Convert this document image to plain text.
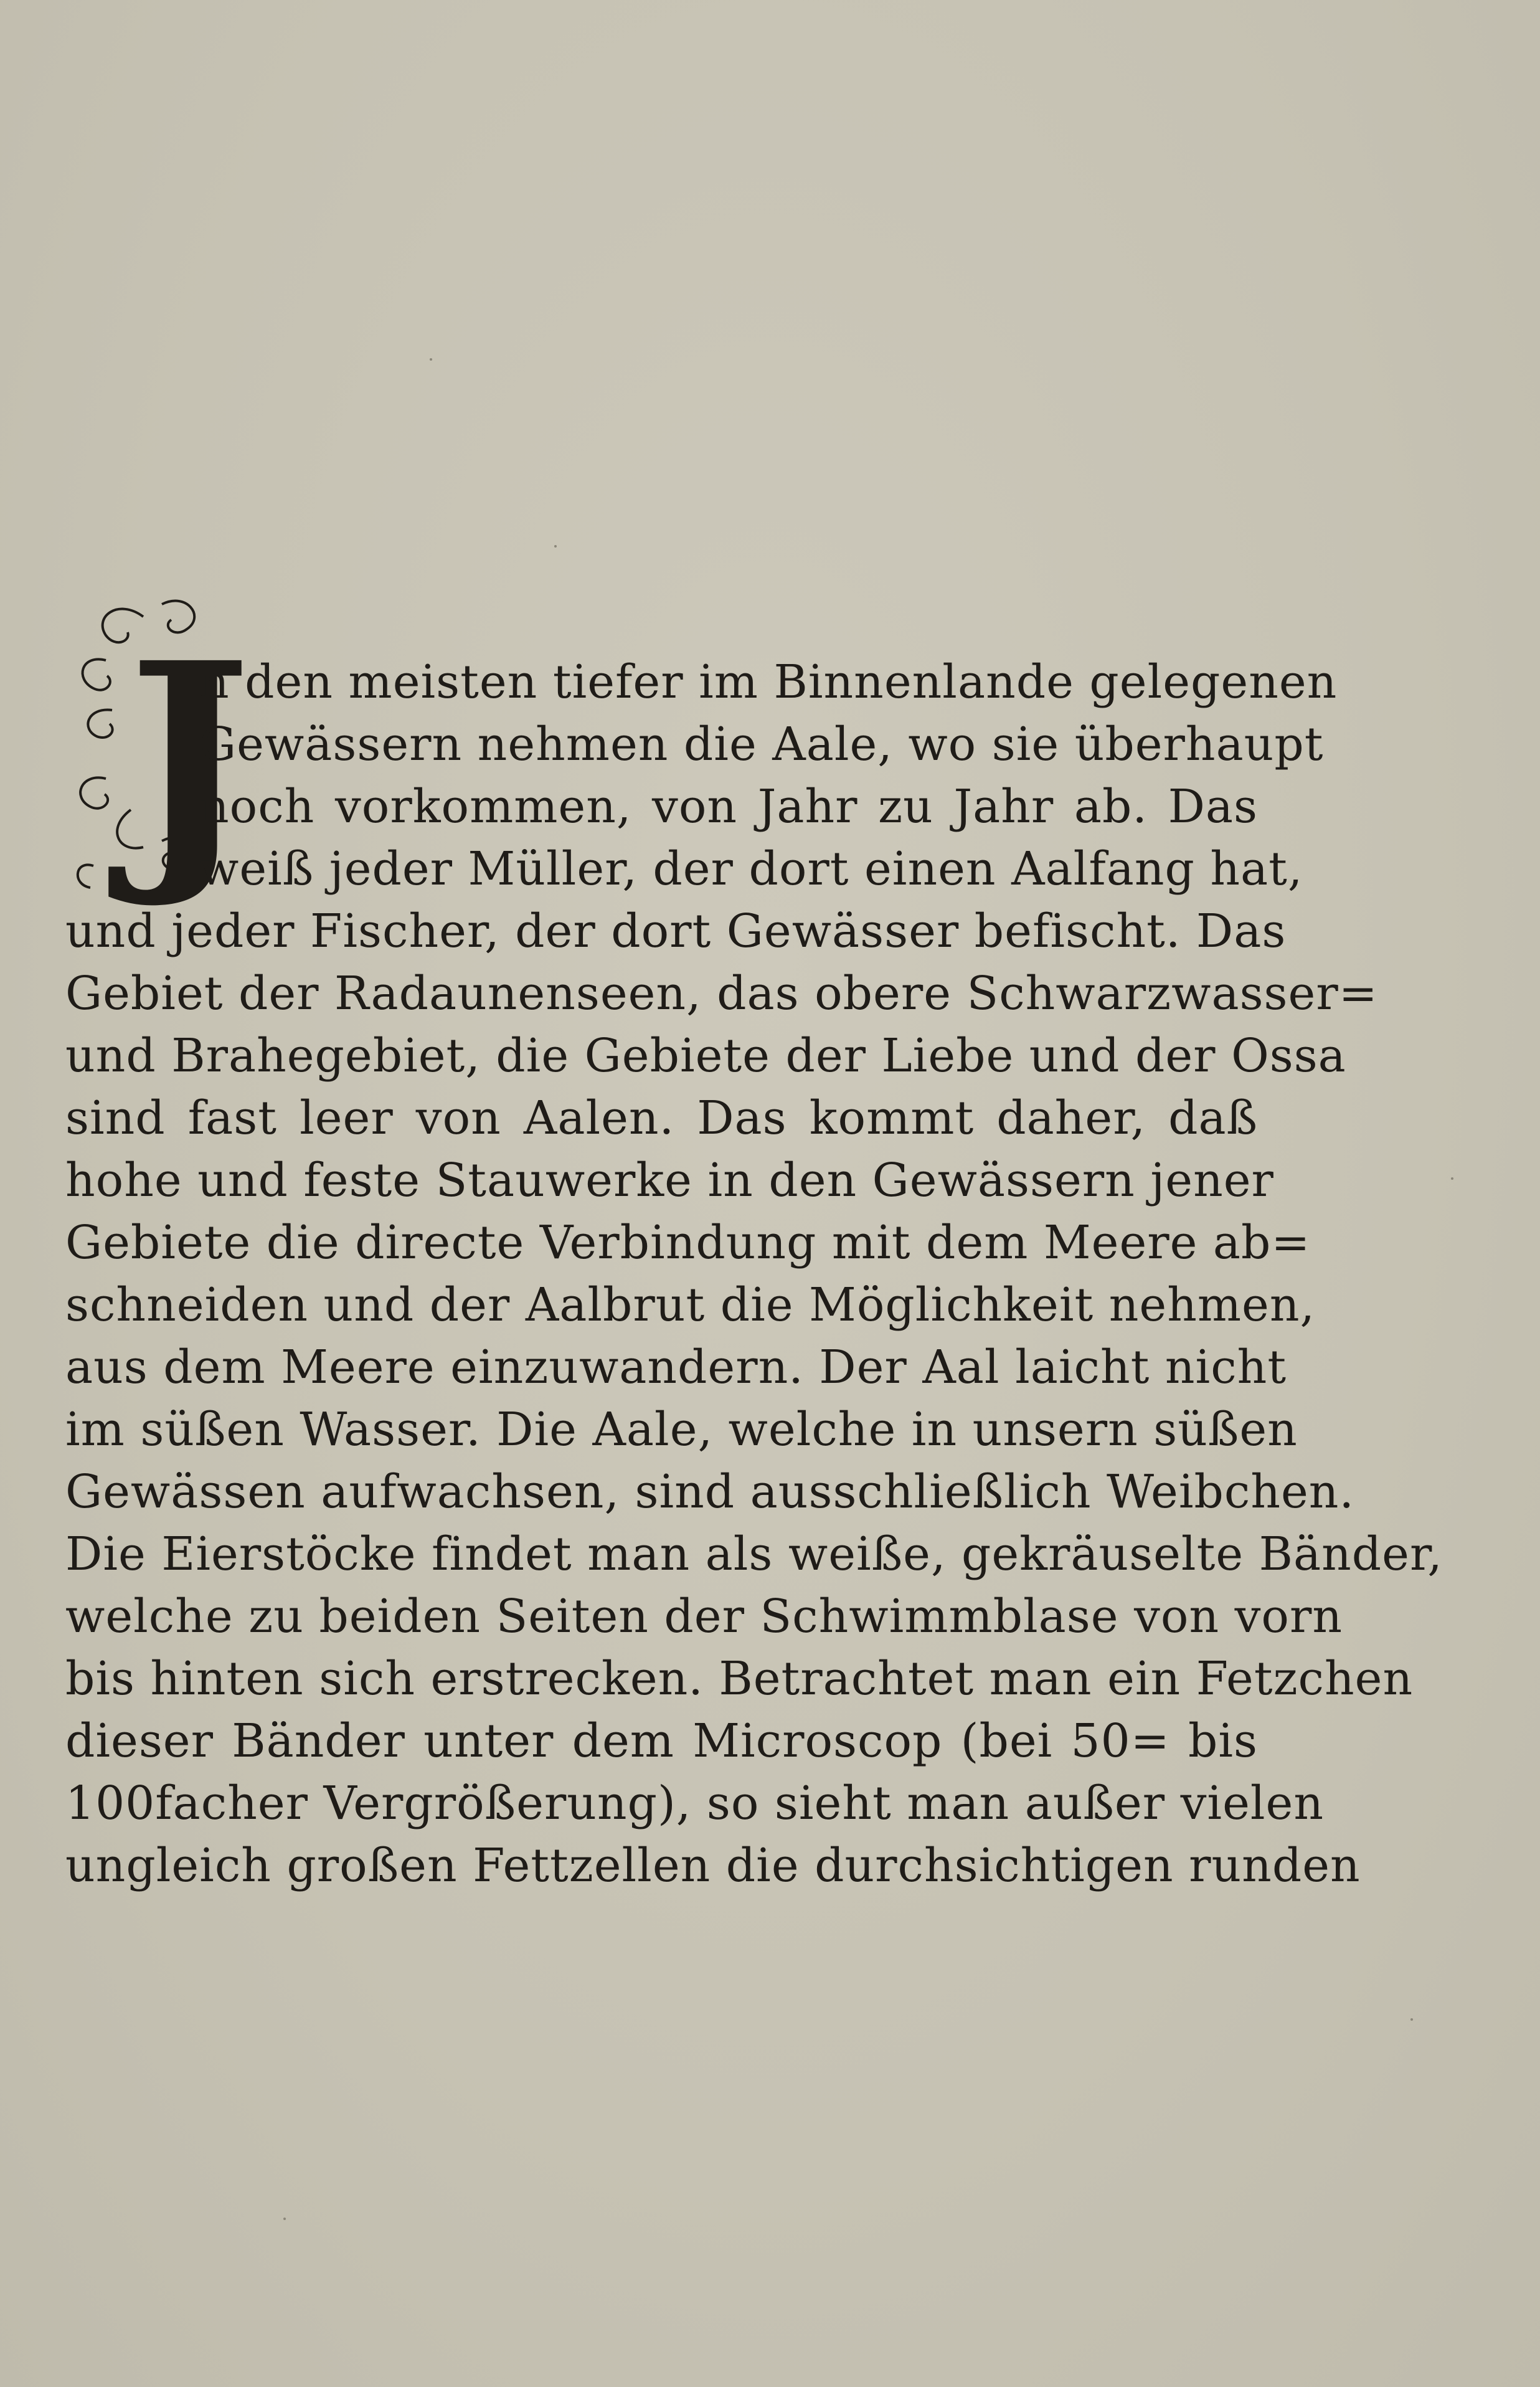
J
n den meisten tiefer im Binnenlande gelegenen
Gewässern nehmen die Aale, wo sie überhaupt
noch vorkommen, von Jahr zu Jahr ab. Das
weiß jeder Müller, der dort einen Aalfang hat,
und jeder Fischer, der dort Gewässer befischt. Das
Gebiet der Radaunenseen, das obere Schwarzwasser=
und Brahegebiet, die Gebiete der Liebe und der Ossa
sind fast leer von Aalen. Das kommt daher, daß
hohe und feste Stauwerke in den Gewässern jener
Gebiete die directe Verbindung mit dem Meere ab=
schneiden und der Aalbrut die Möglichkeit nehmen,
aus dem Meere einzuwandern. Der Aal laicht nicht
im süßen Wasser. Die Aale, welche in unsern süßen
Gewässen aufwachsen, sind ausschließlich Weibchen.
Die Eierstöcke findet man als weiße, gekräuselte Bänder,
welche zu beiden Seiten der Schwimmblase von vorn
bis hinten sich erstrecken. Betrachtet man ein Fetzchen
dieser Bänder unter dem Microscop (bei 50= bis
100facher Vergrößerung), so sieht man außer vielen
ungleich großen Fettzellen die durchsichtigen runden
